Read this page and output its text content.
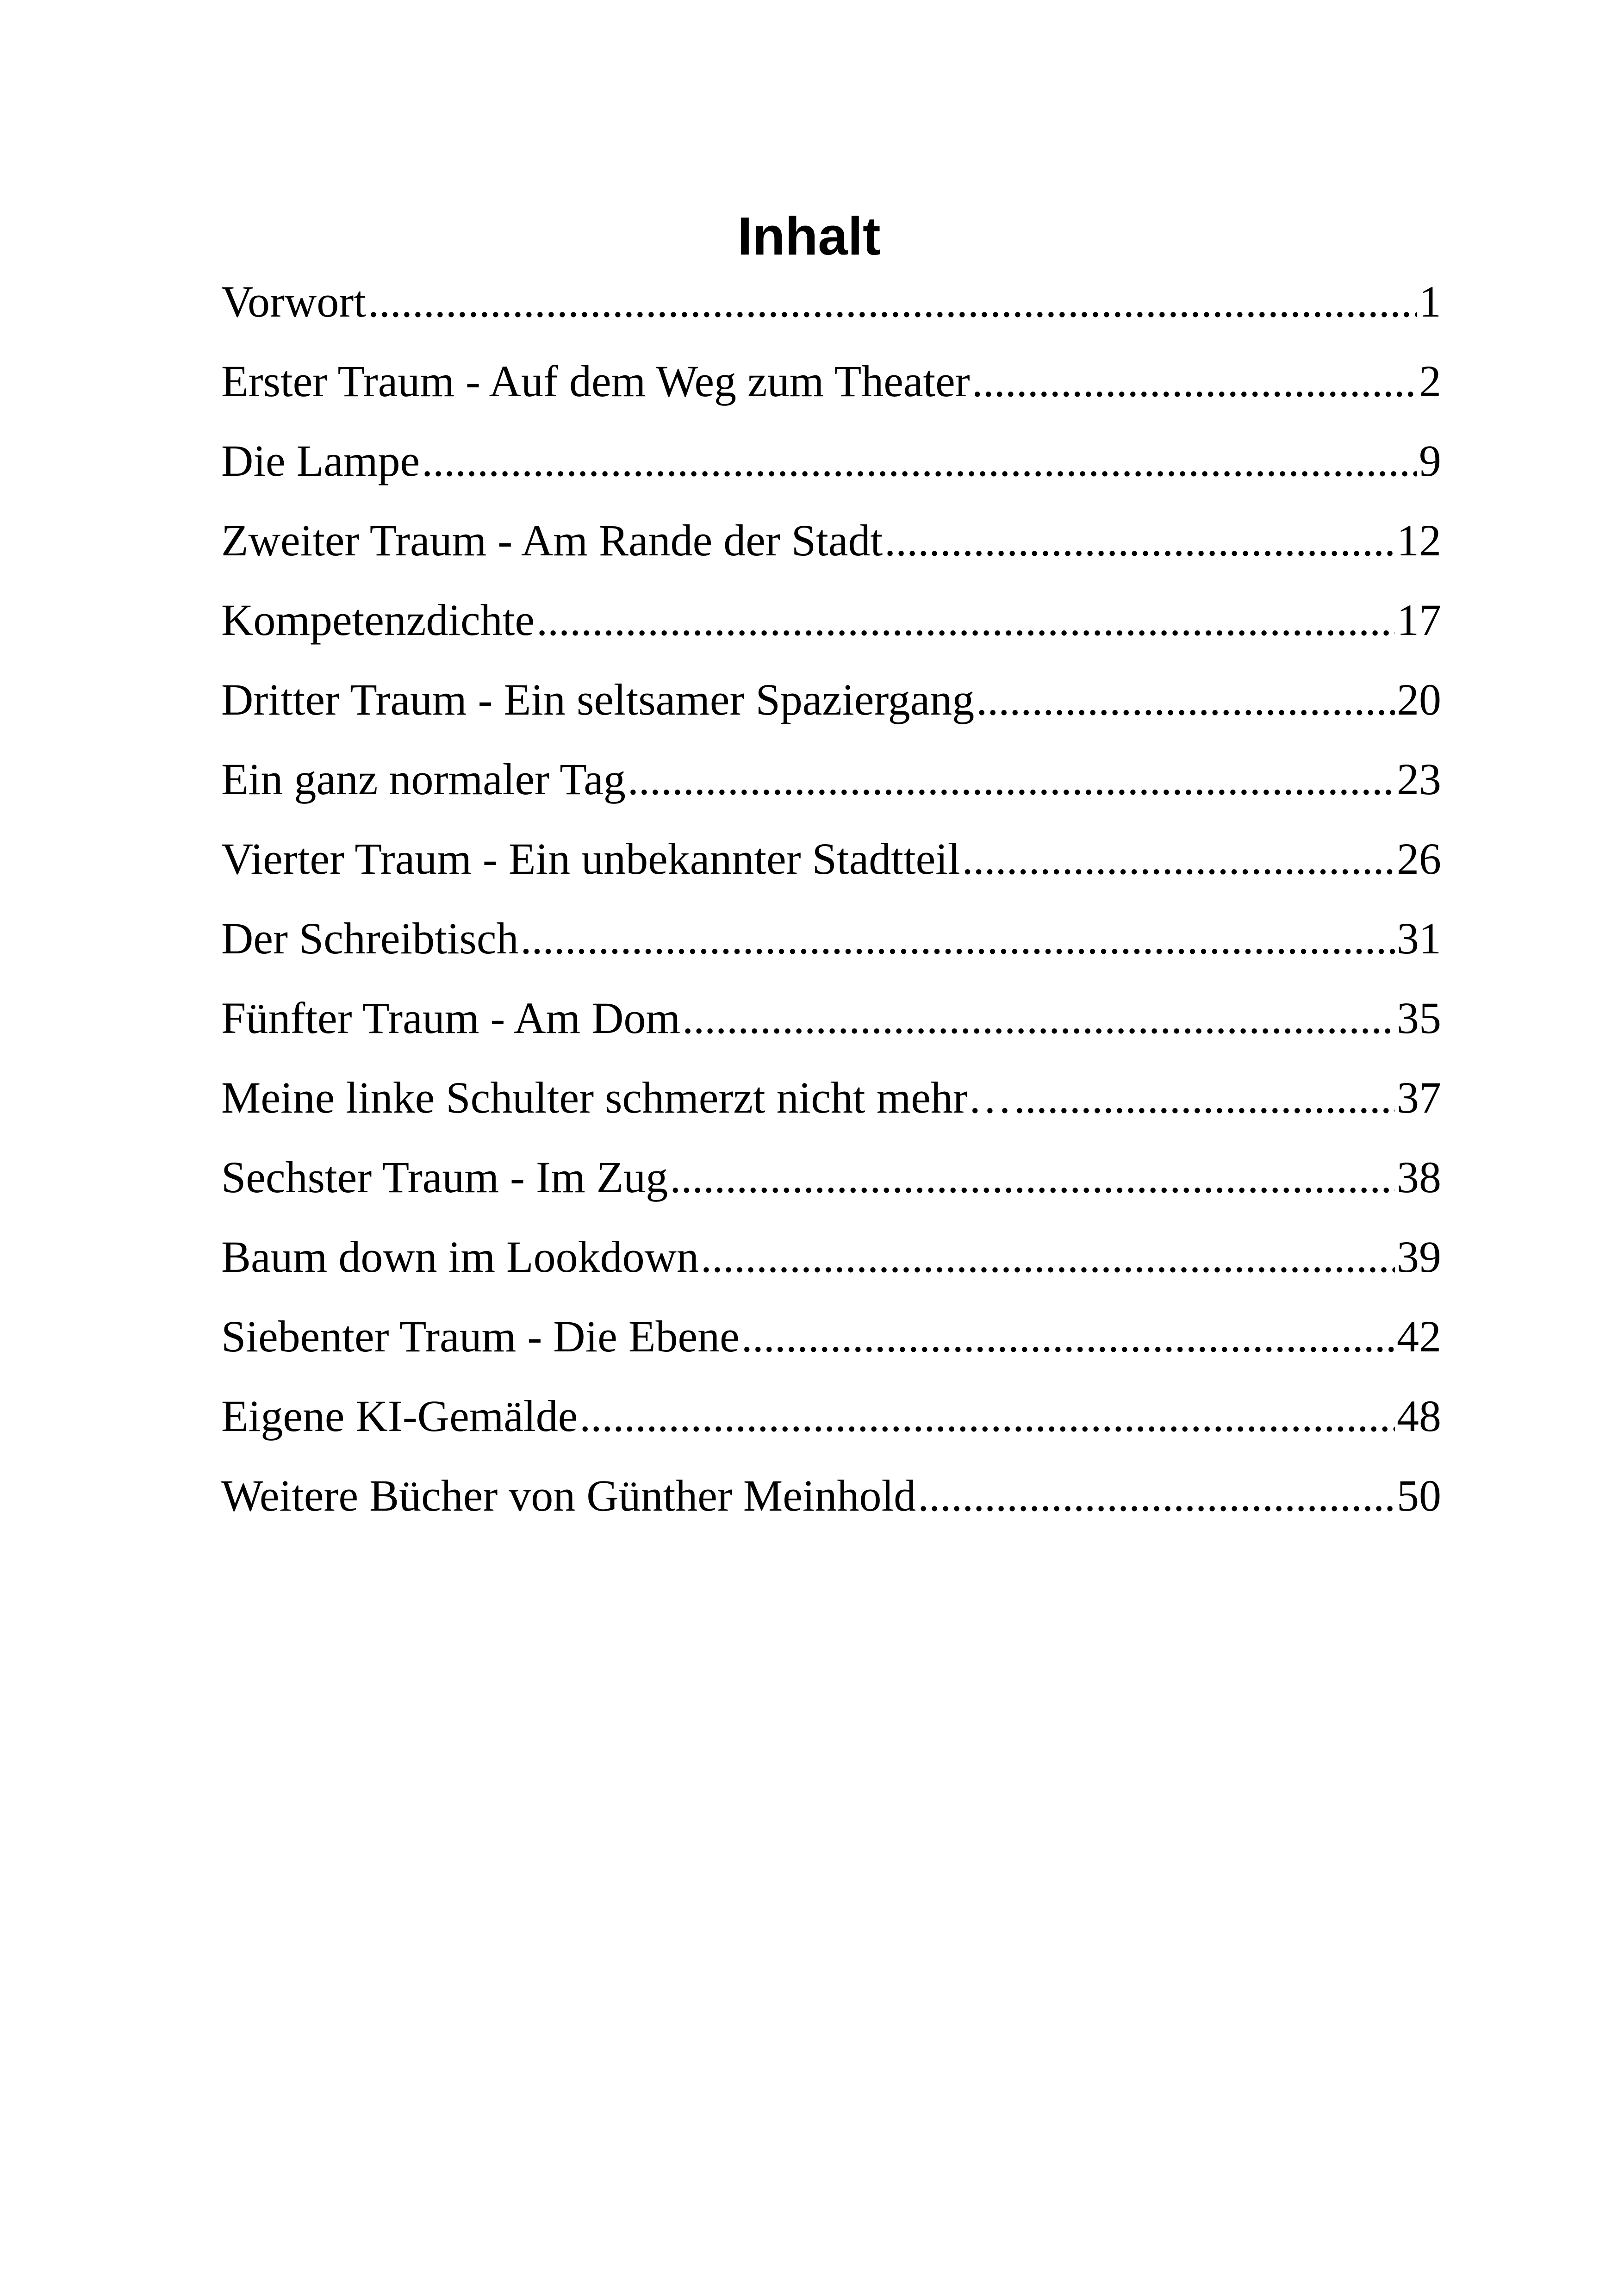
Inhalt
Vorwort .....	1
Erster Traum - Auf dem Weg zum Theater .....	2
Die Lampe .....	9
Zweiter Traum - Am Rande der Stadt .....	12
Kompetenzdichte .....	17
Dritter Traum - Ein seltsamer Spaziergang .....	20
Ein ganz normaler Tag .....	23
Vierter Traum - Ein unbekannter Stadtteil .....	26
Der Schreibtisch .....	31
Fünfter Traum - Am Dom .....	35
Meine linke Schulter schmerzt nicht mehr… .....	37
Sechster Traum - Im Zug .....	38
Baum down im Lookdown .....	39
Siebenter Traum - Die Ebene .....	42
Eigene KI-Gemälde .....	48
Weitere Bücher von Günther Meinhold .....	50
